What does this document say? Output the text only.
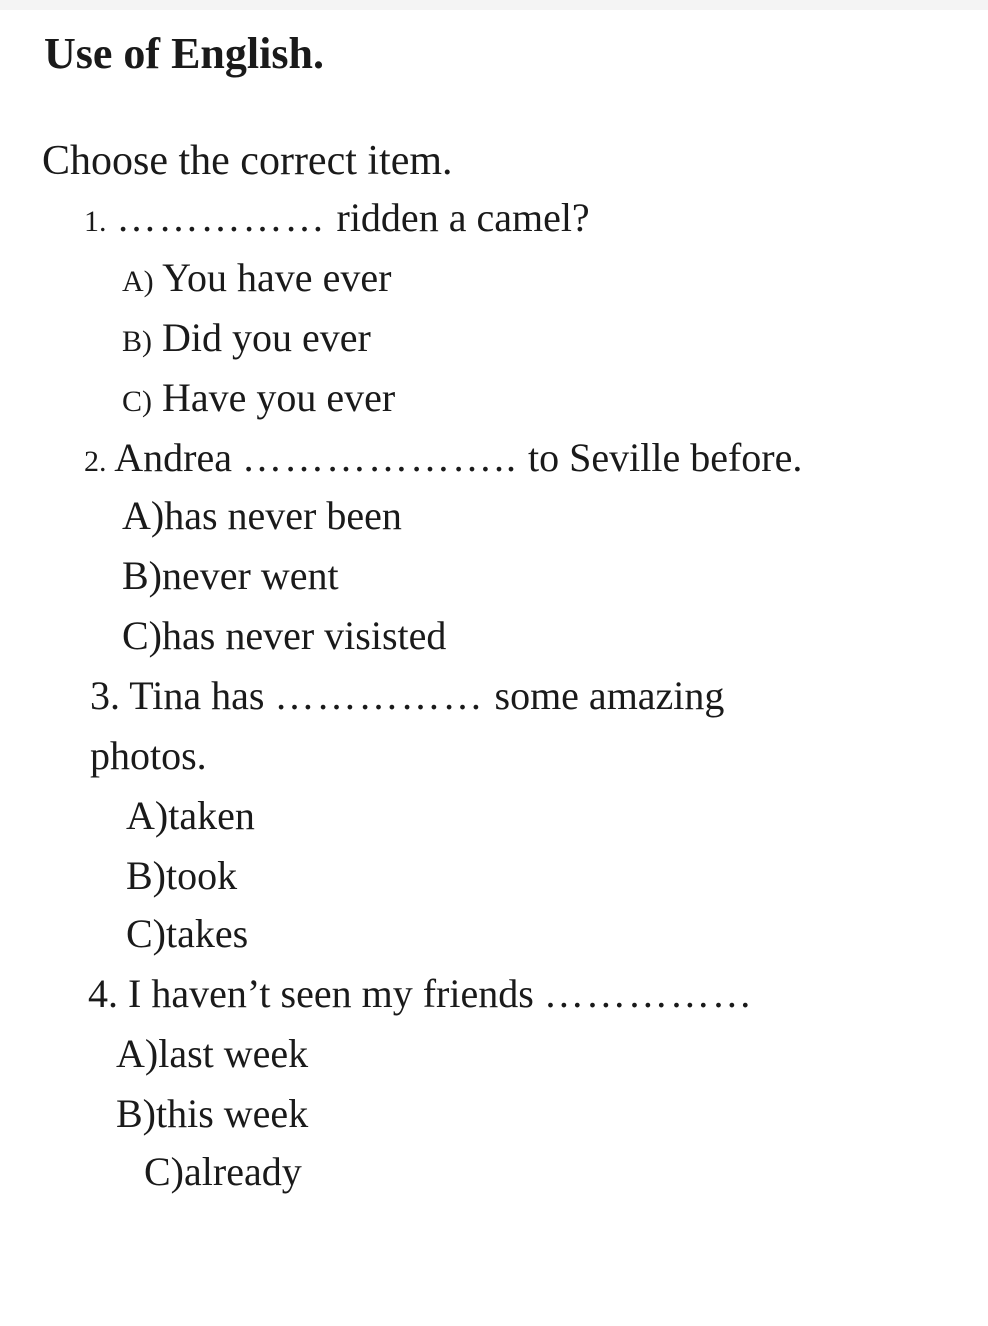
Use of English.
Choose the correct item.
1. …………… ridden a camel?
A) You have ever
B) Did you ever
C) Have you ever
2. Andrea ……………….. to Seville before.
A)has never been
B)never went
C)has never visisted
3. Tina has …………… some amazing
photos.
A)taken
B)took
C)takes
4. I haven’t seen my friends ……………
A)last week
B)this week
C)already
